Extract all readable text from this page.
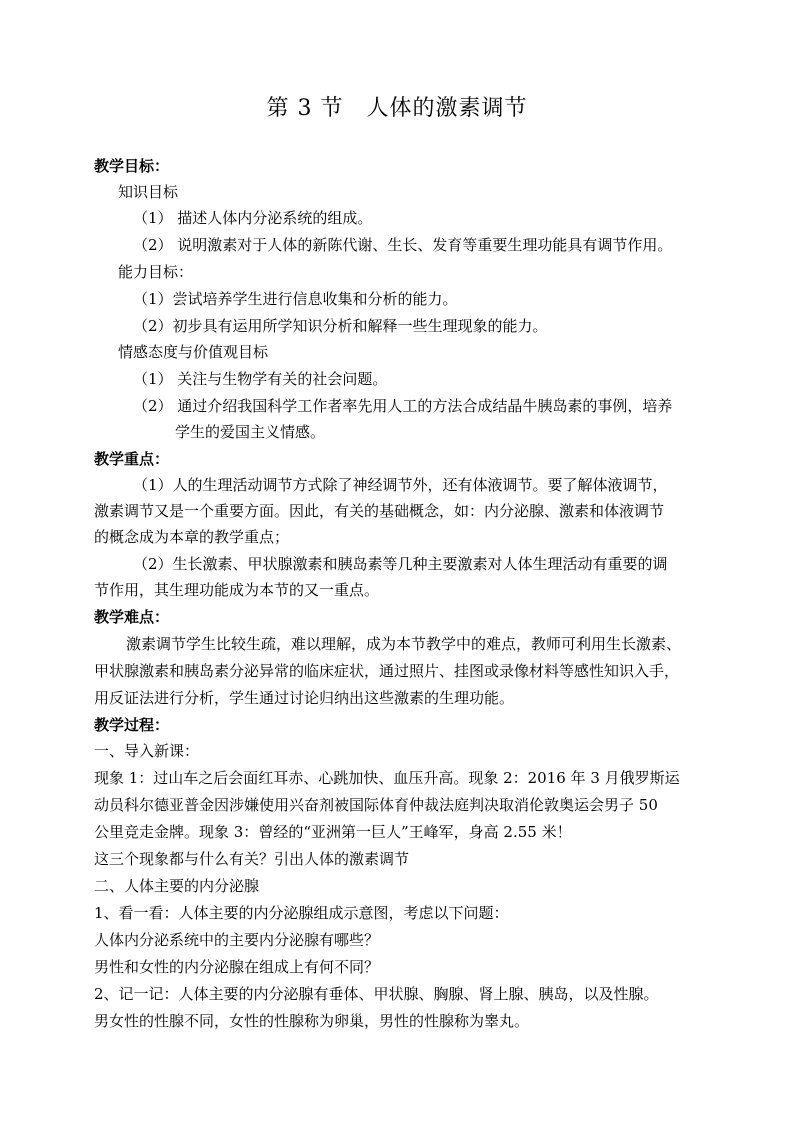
第 3 节　人体的激素调节
教学目标：
知识目标
（1） 描述人体内分泌系统的组成。
（2） 说明激素对于人体的新陈代谢、生长、发育等重要生理功能具有调节作用。
能力目标：
（1）尝试培养学生进行信息收集和分析的能力。
（2）初步具有运用所学知识分析和解释一些生理现象的能力。
情感态度与价值观目标
（1） 关注与生物学有关的社会问题。
（2） 通过介绍我国科学工作者率先用人工的方法合成结晶牛胰岛素的事例，培养
学生的爱国主义情感。
教学重点：
（1）人的生理活动调节方式除了神经调节外，还有体液调节。要了解体液调节，
激素调节又是一个重要方面。因此，有关的基础概念，如：内分泌腺、激素和体液调节
的概念成为本章的教学重点；
（2）生长激素、甲状腺激素和胰岛素等几种主要激素对人体生理活动有重要的调
节作用，其生理功能成为本节的又一重点。
教学难点：
激素调节学生比较生疏，难以理解，成为本节教学中的难点，教师可利用生长激素、
甲状腺激素和胰岛素分泌异常的临床症状，通过照片、挂图或录像材料等感性知识入手，
用反证法进行分析，学生通过讨论归纳出这些激素的生理功能。
教学过程：
一、导入新课：
现象 1：过山车之后会面红耳赤、心跳加快、血压升高。现象 2：2016 年 3 月俄罗斯运
动员科尔德亚普金因涉嫌使用兴奋剂被国际体育仲裁法庭判决取消伦敦奥运会男子 50
公里竞走金牌。现象 3：曾经的“亚洲第一巨人”王峰军，身高 2.55 米！
这三个现象都与什么有关？引出人体的激素调节
二、人体主要的内分泌腺
1、看一看：人体主要的内分泌腺组成示意图，考虑以下问题：
人体内分泌系统中的主要内分泌腺有哪些？
男性和女性的内分泌腺在组成上有何不同？
2、记一记：人体主要的内分泌腺有垂体、甲状腺、胸腺、肾上腺、胰岛，以及性腺。
男女性的性腺不同，女性的性腺称为卵巢，男性的性腺称为睾丸。
